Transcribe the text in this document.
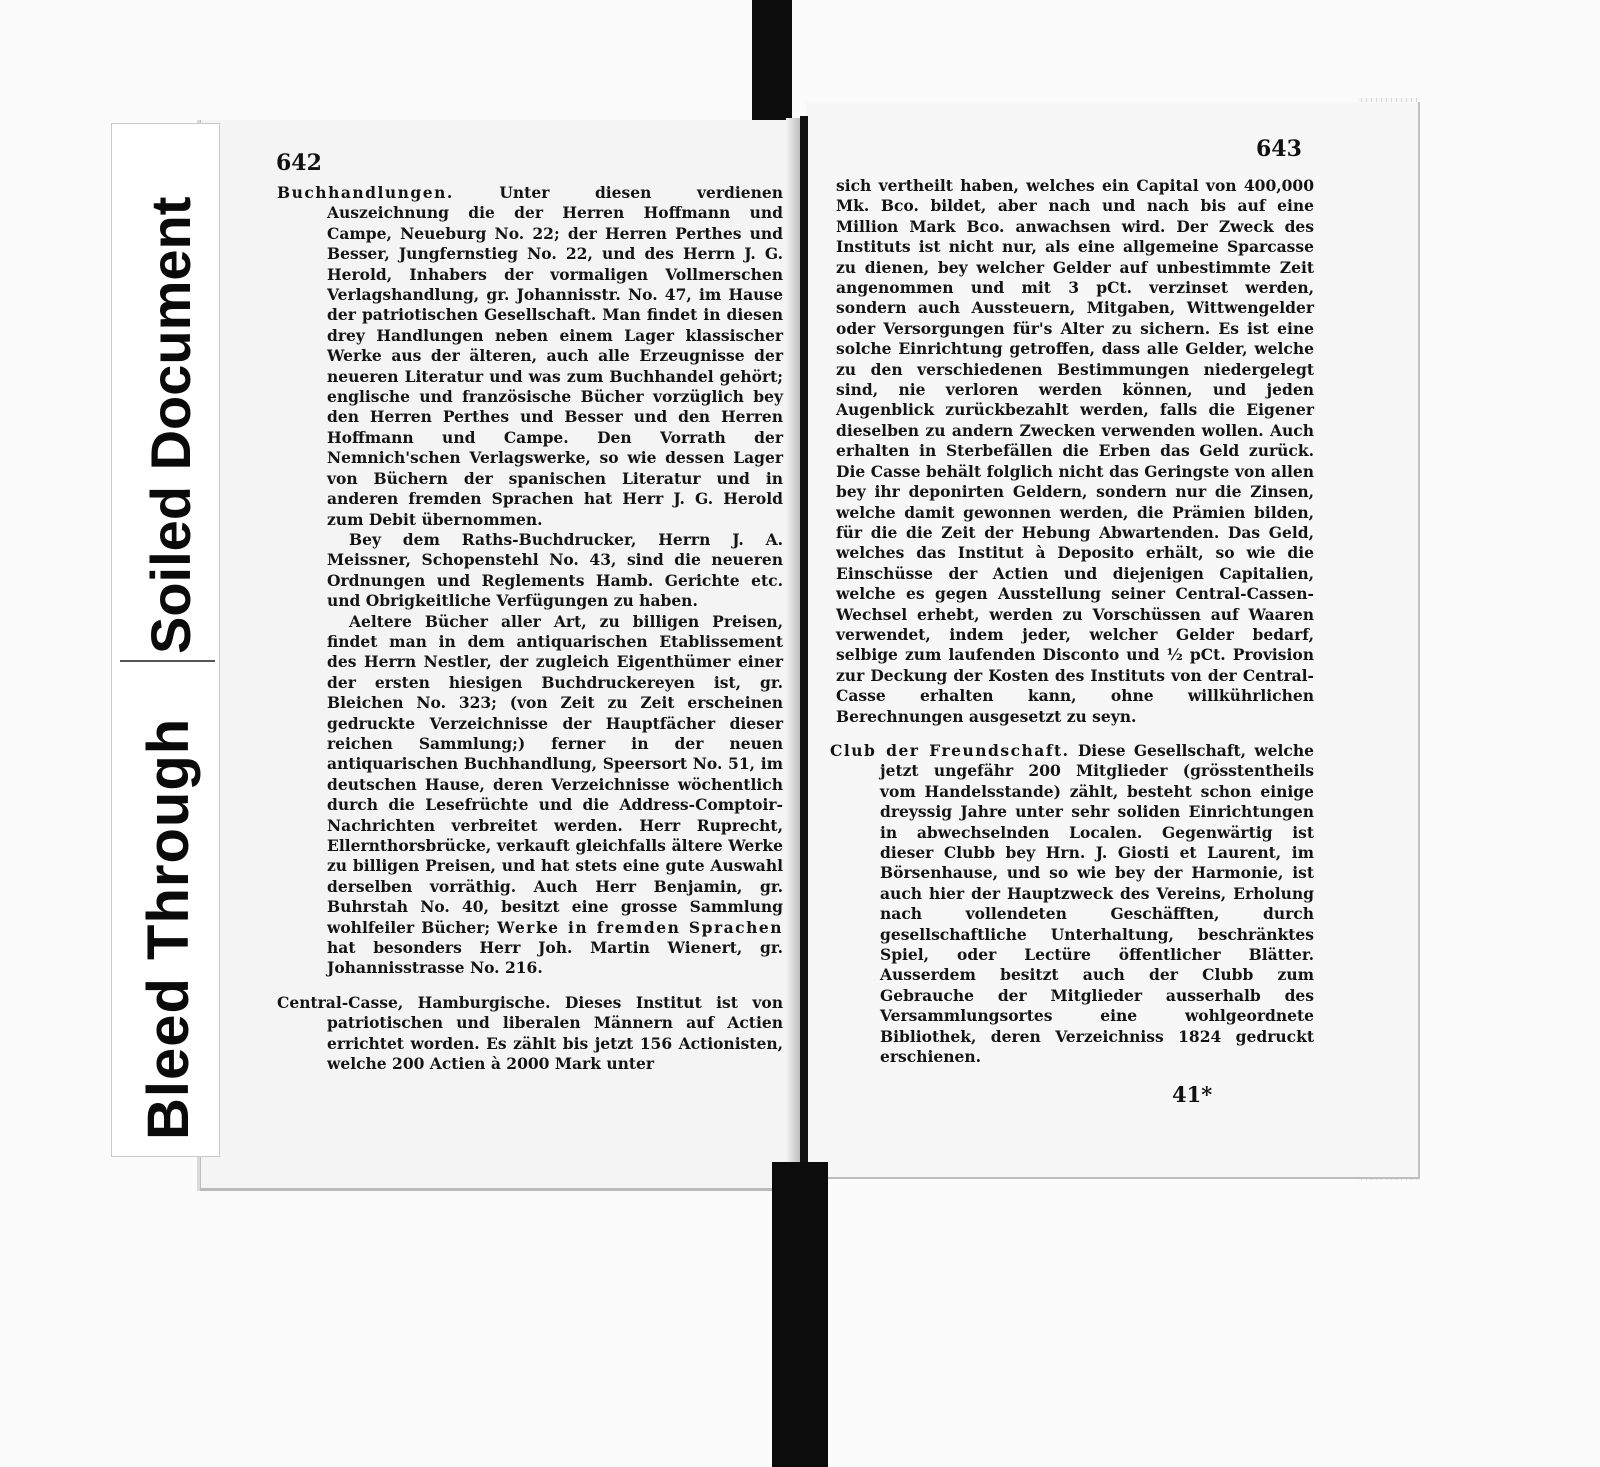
Bleed Through
Soiled Document
642

Buchhandlungen. Unter diesen verdienen Auszeichnung die der Herren Hoffmann und Campe, Neueburg No. 22; der Herren Perthes und Besser, Jungfernstieg No. 22, und des Herrn J. G. Herold, Inhabers der vormaligen Vollmerschen Verlagshandlung, gr. Johannisstr. No. 47, im Hause der patriotischen Gesellschaft. Man findet in diesen drey Handlungen neben einem Lager klassischer Werke aus der älteren, auch alle Erzeugnisse der neueren Literatur und was zum Buchhandel gehört; englische und französische Bücher vorzüglich bey den Herren Perthes und Besser und den Herren Hoffmann und Campe. Den Vorrath der Nemnich'schen Verlagswerke, so wie dessen Lager von Büchern der spanischen Literatur und in anderen fremden Sprachen hat Herr J. G. Herold zum Debit übernommen.

Bey dem Raths-Buchdrucker, Herrn J. A. Meissner, Schopenstehl No. 43, sind die neueren Ordnungen und Reglements Hamb. Gerichte etc. und Obrigkeitliche Verfügungen zu haben.

Aeltere Bücher aller Art, zu billigen Preisen, findet man in dem antiquarischen Etablissement des Herrn Nestler, der zugleich Eigenthümer einer der ersten hiesigen Buchdruckereyen ist, gr. Bleichen No. 323; (von Zeit zu Zeit erscheinen gedruckte Verzeichnisse der Hauptfächer dieser reichen Sammlung;) ferner in der neuen antiquarischen Buchhandlung, Speersort No. 51, im deutschen Hause, deren Verzeichnisse wöchentlich durch die Lesefrüchte und die Address-Comptoir-Nachrichten verbreitet werden. Herr Ruprecht, Ellernthorsbrücke, verkauft gleichfalls ältere Werke zu billigen Preisen, und hat stets eine gute Auswahl derselben vorräthig. Auch Herr Benjamin, gr. Buhrstah No. 40, besitzt eine grosse Sammlung wohlfeiler Bücher; Werke in fremden Sprachen hat besonders Herr Joh. Martin Wienert, gr. Johannisstrasse No. 216.

Central-Casse, Hamburgische. Dieses Institut ist von patriotischen und liberalen Männern auf Actien errichtet worden. Es zählt bis jetzt 156 Actionisten, welche 200 Actien à 2000 Mark unter

643

sich vertheilt haben, welches ein Capital von 400,000 Mk. Bco. bildet, aber nach und nach bis auf eine Million Mark Bco. anwachsen wird. Der Zweck des Instituts ist nicht nur, als eine allgemeine Sparcasse zu dienen, bey welcher Gelder auf unbestimmte Zeit angenommen und mit 3 pCt. verzinset werden, sondern auch Aussteuern, Mitgaben, Wittwengelder oder Versorgungen für's Alter zu sichern. Es ist eine solche Einrichtung getroffen, dass alle Gelder, welche zu den verschiedenen Bestimmungen niedergelegt sind, nie verloren werden können, und jeden Augenblick zurückbezahlt werden, falls die Eigener dieselben zu andern Zwecken verwenden wollen. Auch erhalten in Sterbefällen die Erben das Geld zurück. Die Casse behält folglich nicht das Geringste von allen bey ihr deponirten Geldern, sondern nur die Zinsen, welche damit gewonnen werden, die Prämien bilden, für die die Zeit der Hebung Abwartenden. Das Geld, welches das Institut à Deposito erhält, so wie die Einschüsse der Actien und diejenigen Capitalien, welche es gegen Ausstellung seiner Central-Cassen-Wechsel erhebt, werden zu Vorschüssen auf Waaren verwendet, indem jeder, welcher Gelder bedarf, selbige zum laufenden Disconto und ½ pCt. Provision zur Deckung der Kosten des Instituts von der Central-Casse erhalten kann, ohne willkührlichen Berechnungen ausgesetzt zu seyn.

Club der Freundschaft. Diese Gesellschaft, welche jetzt ungefähr 200 Mitglieder (grösstentheils vom Handelsstande) zählt, besteht schon einige dreyssig Jahre unter sehr soliden Einrichtungen in abwechselnden Localen. Gegenwärtig ist dieser Clubb bey Hrn. J. Giosti et Laurent, im Börsenhause, und so wie bey der Harmonie, ist auch hier der Hauptzweck des Vereins, Erholung nach vollendeten Geschäfften, durch gesellschaftliche Unterhaltung, beschränktes Spiel, oder Lectüre öffentlicher Blätter. Ausserdem besitzt auch der Clubb zum Gebrauche der Mitglieder ausserhalb des Versammlungsortes eine wohlgeordnete Bibliothek, deren Verzeichniss 1824 gedruckt erschienen.

41*
